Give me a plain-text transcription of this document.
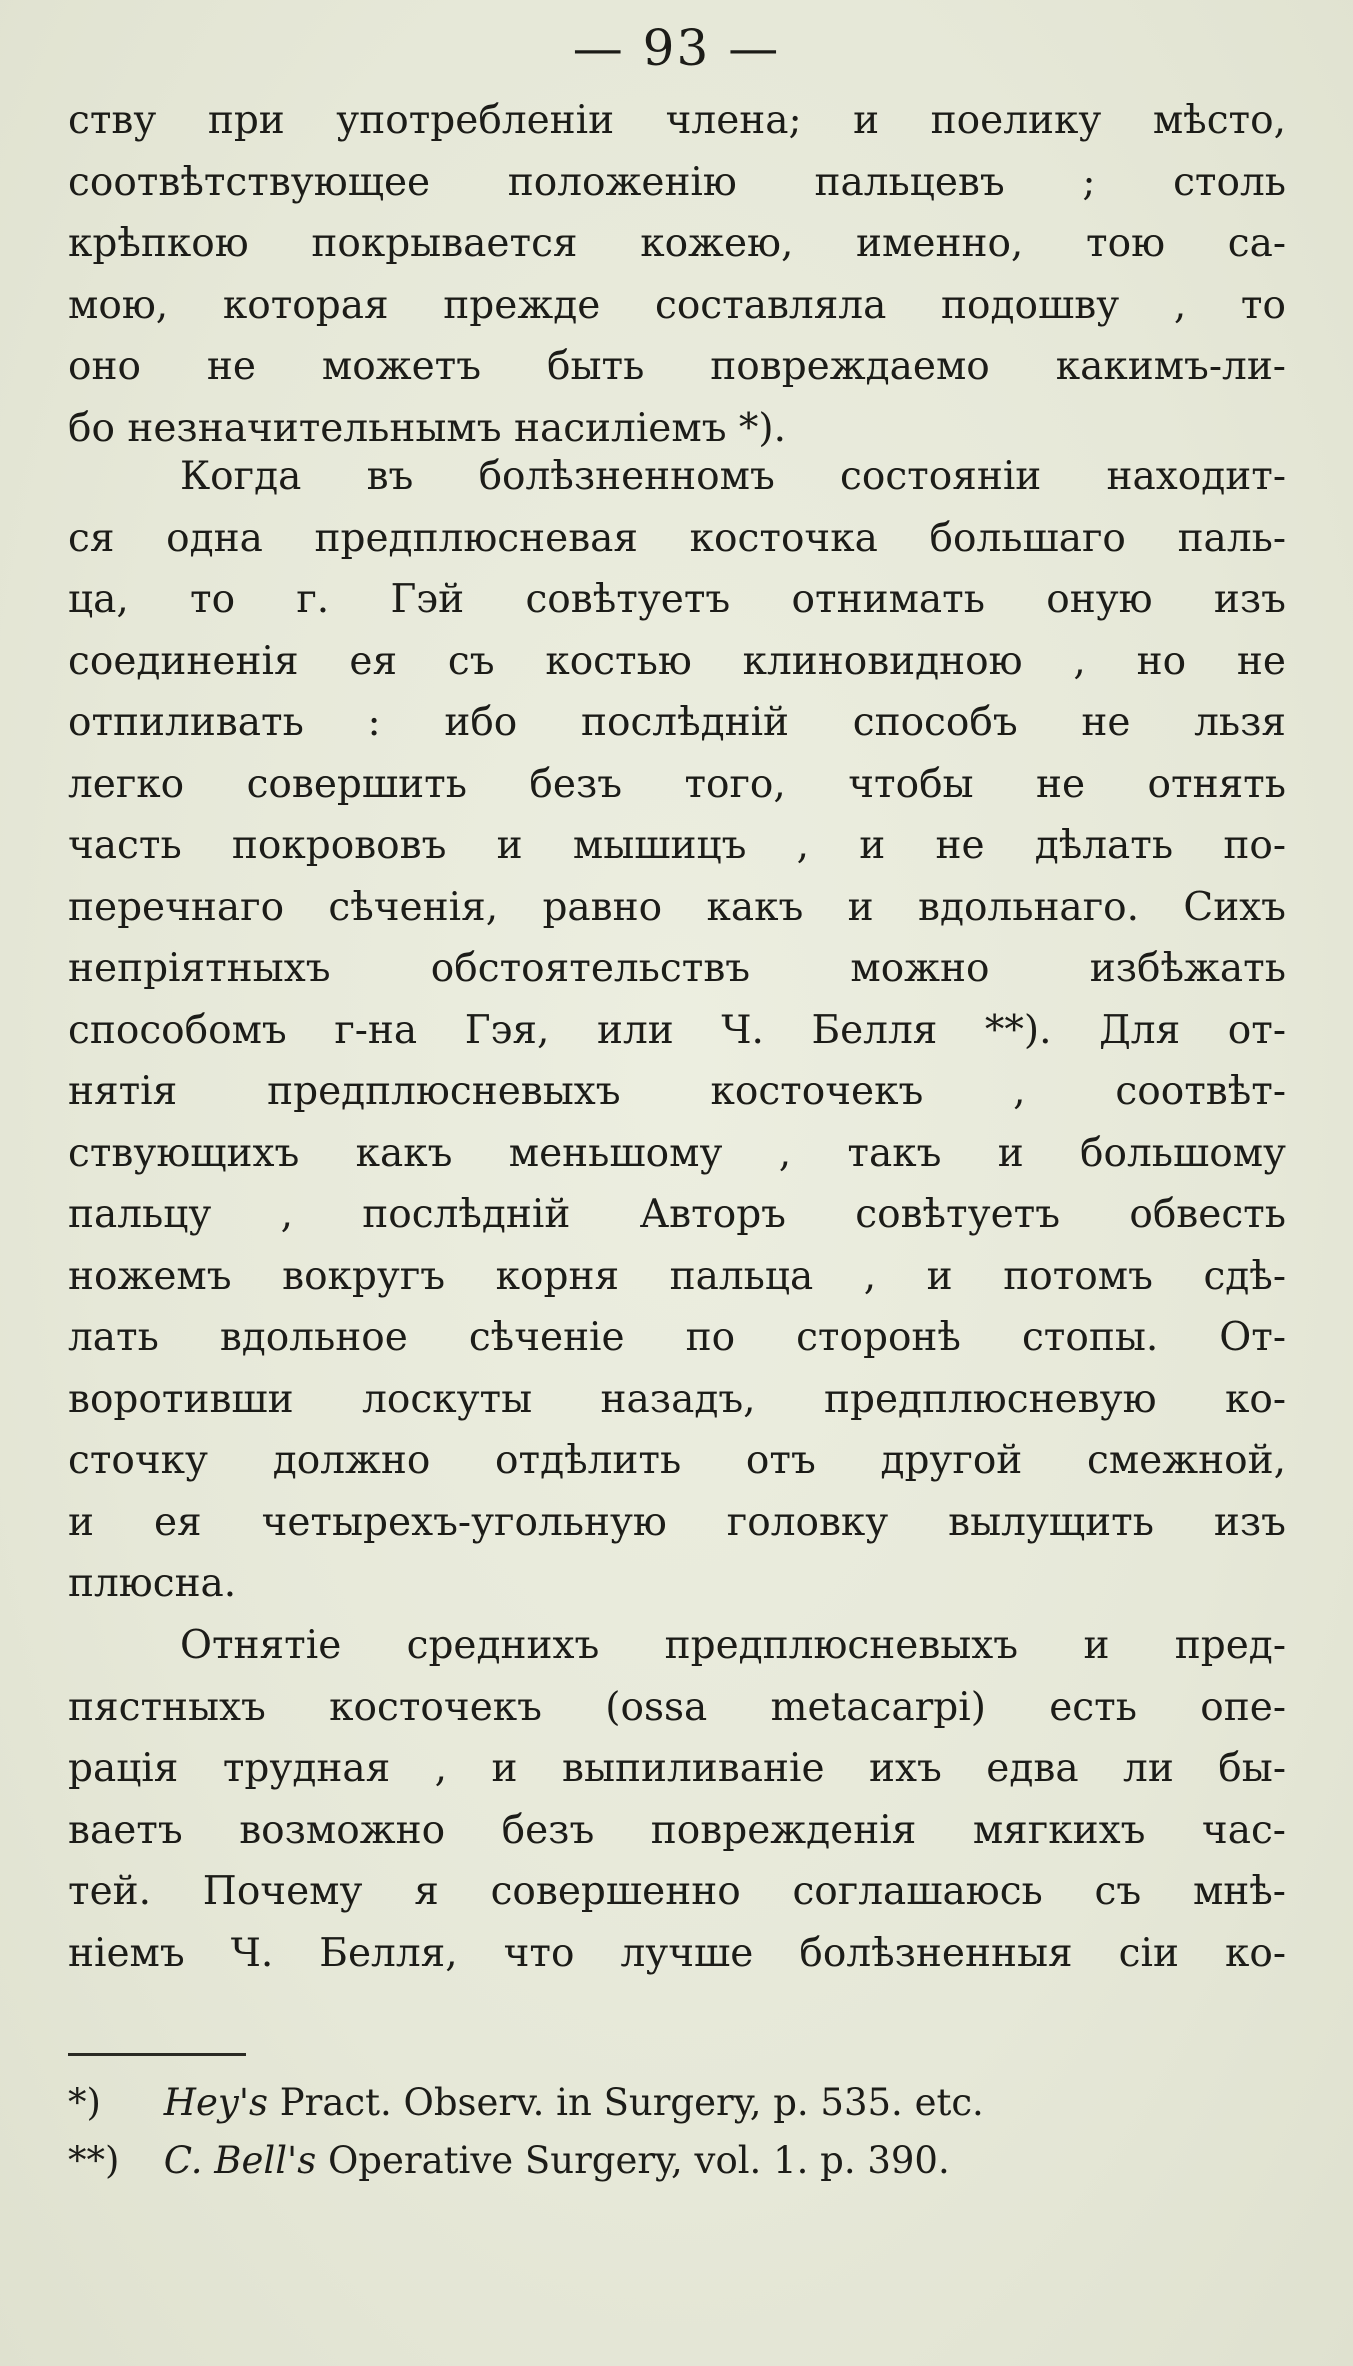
— 93 —
ству при употребленіи члена; и поелику мѣсто,
соотвѣтствующее положенію пальцевъ ; столь
крѣпкою покрывается кожею, именно, тою са-
мою, которая прежде составляла подошву , то
оно не можетъ быть повреждаемо какимъ-ли-
бо незначительнымъ насиліемъ *).
Когда въ болѣзненномъ состояніи находит-
ся одна предплюсневая косточка большаго паль-
ца, то г. Гэй совѣтуетъ отнимать оную изъ
соединенія ея съ костью клиновидною , но не
отпиливать : ибо послѣдній способъ не льзя
легко совершить безъ того, чтобы не отнять
часть покрововъ и мышицъ , и не дѣлать по-
перечнаго сѣченія, равно какъ и вдольнаго. Сихъ
непріятныхъ обстоятельствъ можно избѣжать
способомъ г-на Гэя, или Ч. Белля **). Для от-
нятія предплюсневыхъ косточекъ , соотвѣт-
ствующихъ какъ меньшому , такъ и большому
пальцу , послѣдній Авторъ совѣтуетъ обвесть
ножемъ вокругъ корня пальца , и потомъ сдѣ-
лать вдольное сѣченіе по сторонѣ стопы. От-
воротивши лоскуты назадъ, предплюсневую ко-
сточку должно отдѣлить отъ другой смежной,
и ея четырехъ-угольную головку вылущить изъ
плюсна.
Отнятіе среднихъ предплюсневыхъ и пред-
пястныхъ косточекъ (ossa metacarpi) есть опе-
рація трудная , и выпиливаніе ихъ едва ли бы-
ваетъ возможно безъ поврежденія мягкихъ час-
тей. Почему я совершенно соглашаюсь съ мнѣ-
ніемъ Ч. Белля, что лучше болѣзненныя сіи ко-
*) Hey's Pract. Observ. in Surgery, p. 535. etc.
**) C. Bell's Operative Surgery, vol. 1. p. 390.
